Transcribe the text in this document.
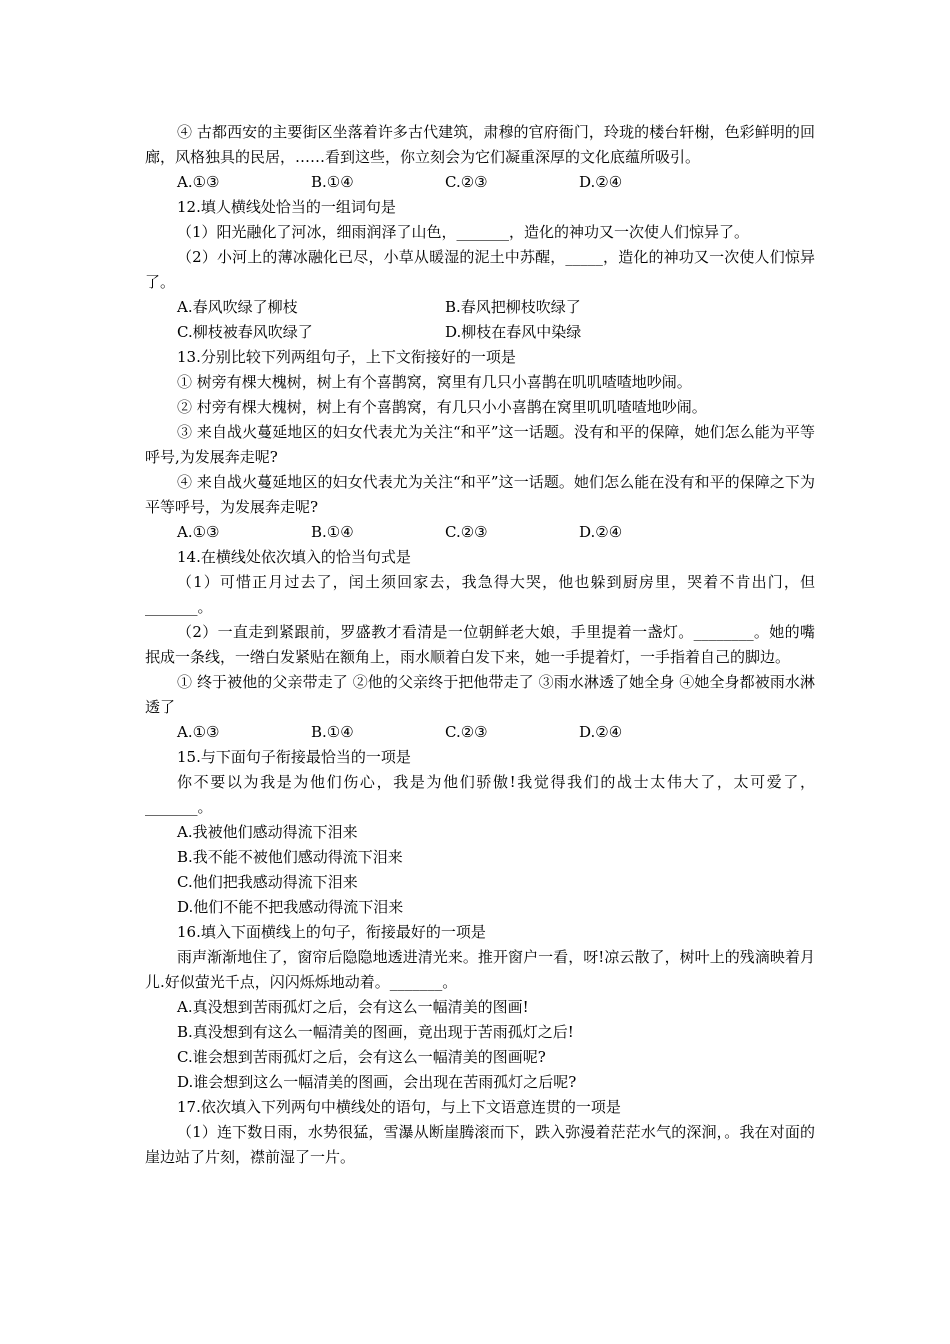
④ 古都西安的主要街区坐落着许多古代建筑，肃穆的官府衙门，玲珑的楼台轩榭，色彩鲜明的回廊，风格独具的民居，……看到这些，你立刻会为它们凝重深厚的文化底蕴所吸引。

A.①③	B.①④	C.②③	D.②④

12.填人横线处恰当的一组词句是

（1）阳光融化了河冰，细雨润泽了山色，_______，造化的神功又一次使人们惊异了。

（2）小河上的薄冰融化已尽，小草从暖湿的泥土中苏醒，_____，造化的神功又一次使人们惊异了。

A.春风吹绿了柳枝	B.春风把柳枝吹绿了
C.柳枝被春风吹绿了	D.柳枝在春风中染绿

13.分别比较下列两组句子，上下文衔接好的一项是

① 树旁有棵大槐树，树上有个喜鹊窝，窝里有几只小喜鹊在叽叽喳喳地吵闹。

② 村旁有棵大槐树，树上有个喜鹊窝，有几只小小喜鹊在窝里叽叽喳喳地吵闹。

③ 来自战火蔓延地区的妇女代表尤为关注“和平”这一话题。没有和平的保障，她们怎么能为平等呼号,为发展奔走呢?

④ 来自战火蔓延地区的妇女代表尤为关注“和平”这一话题。她们怎么能在没有和平的保障之下为平等呼号，为发展奔走呢?

A.①③	B.①④	C.②③	D.②④

14.在横线处依次填入的恰当句式是

（1）可惜正月过去了，闰土须回家去，我急得大哭，他也躲到厨房里，哭着不肯出门，但_______。

（2）一直走到紧跟前，罗盛教才看清是一位朝鲜老大娘，手里提着一盏灯。________。她的嘴抿成一条线，一绺白发紧贴在额角上，雨水顺着白发下来，她一手提着灯，一手指着自己的脚边。

① 终于被他的父亲带走了 ②他的父亲终于把他带走了 ③雨水淋透了她全身 ④她全身都被雨水淋透了

A.①③	B.①④	C.②③	D.②④

15.与下面句子衔接最恰当的一项是

你不要以为我是为他们伤心，我是为他们骄傲!我觉得我们的战士太伟大了，太可爱了，_______。

A.我被他们感动得流下泪来

B.我不能不被他们感动得流下泪来

C.他们把我感动得流下泪来

D.他们不能不把我感动得流下泪来

16.填入下面横线上的句子，衔接最好的一项是

雨声渐渐地住了，窗帘后隐隐地透进清光来。推开窗户一看，呀!凉云散了，树叶上的残滴映着月儿.好似萤光千点，闪闪烁烁地动着。_______。

A.真没想到苦雨孤灯之后，会有这么一幅清美的图画!

B.真没想到有这么一幅清美的图画，竟出现于苦雨孤灯之后!

C.谁会想到苦雨孤灯之后，会有这么一幅清美的图画呢?

D.谁会想到这么一幅清美的图画，会出现在苦雨孤灯之后呢?

17.依次填入下列两句中横线处的语句，与上下文语意连贯的一项是

（1）连下数日雨，水势很猛，雪瀑从断崖腾滚而下，跌入弥漫着茫茫水气的深涧，。我在对面的崖边站了片刻，襟前湿了一片。
